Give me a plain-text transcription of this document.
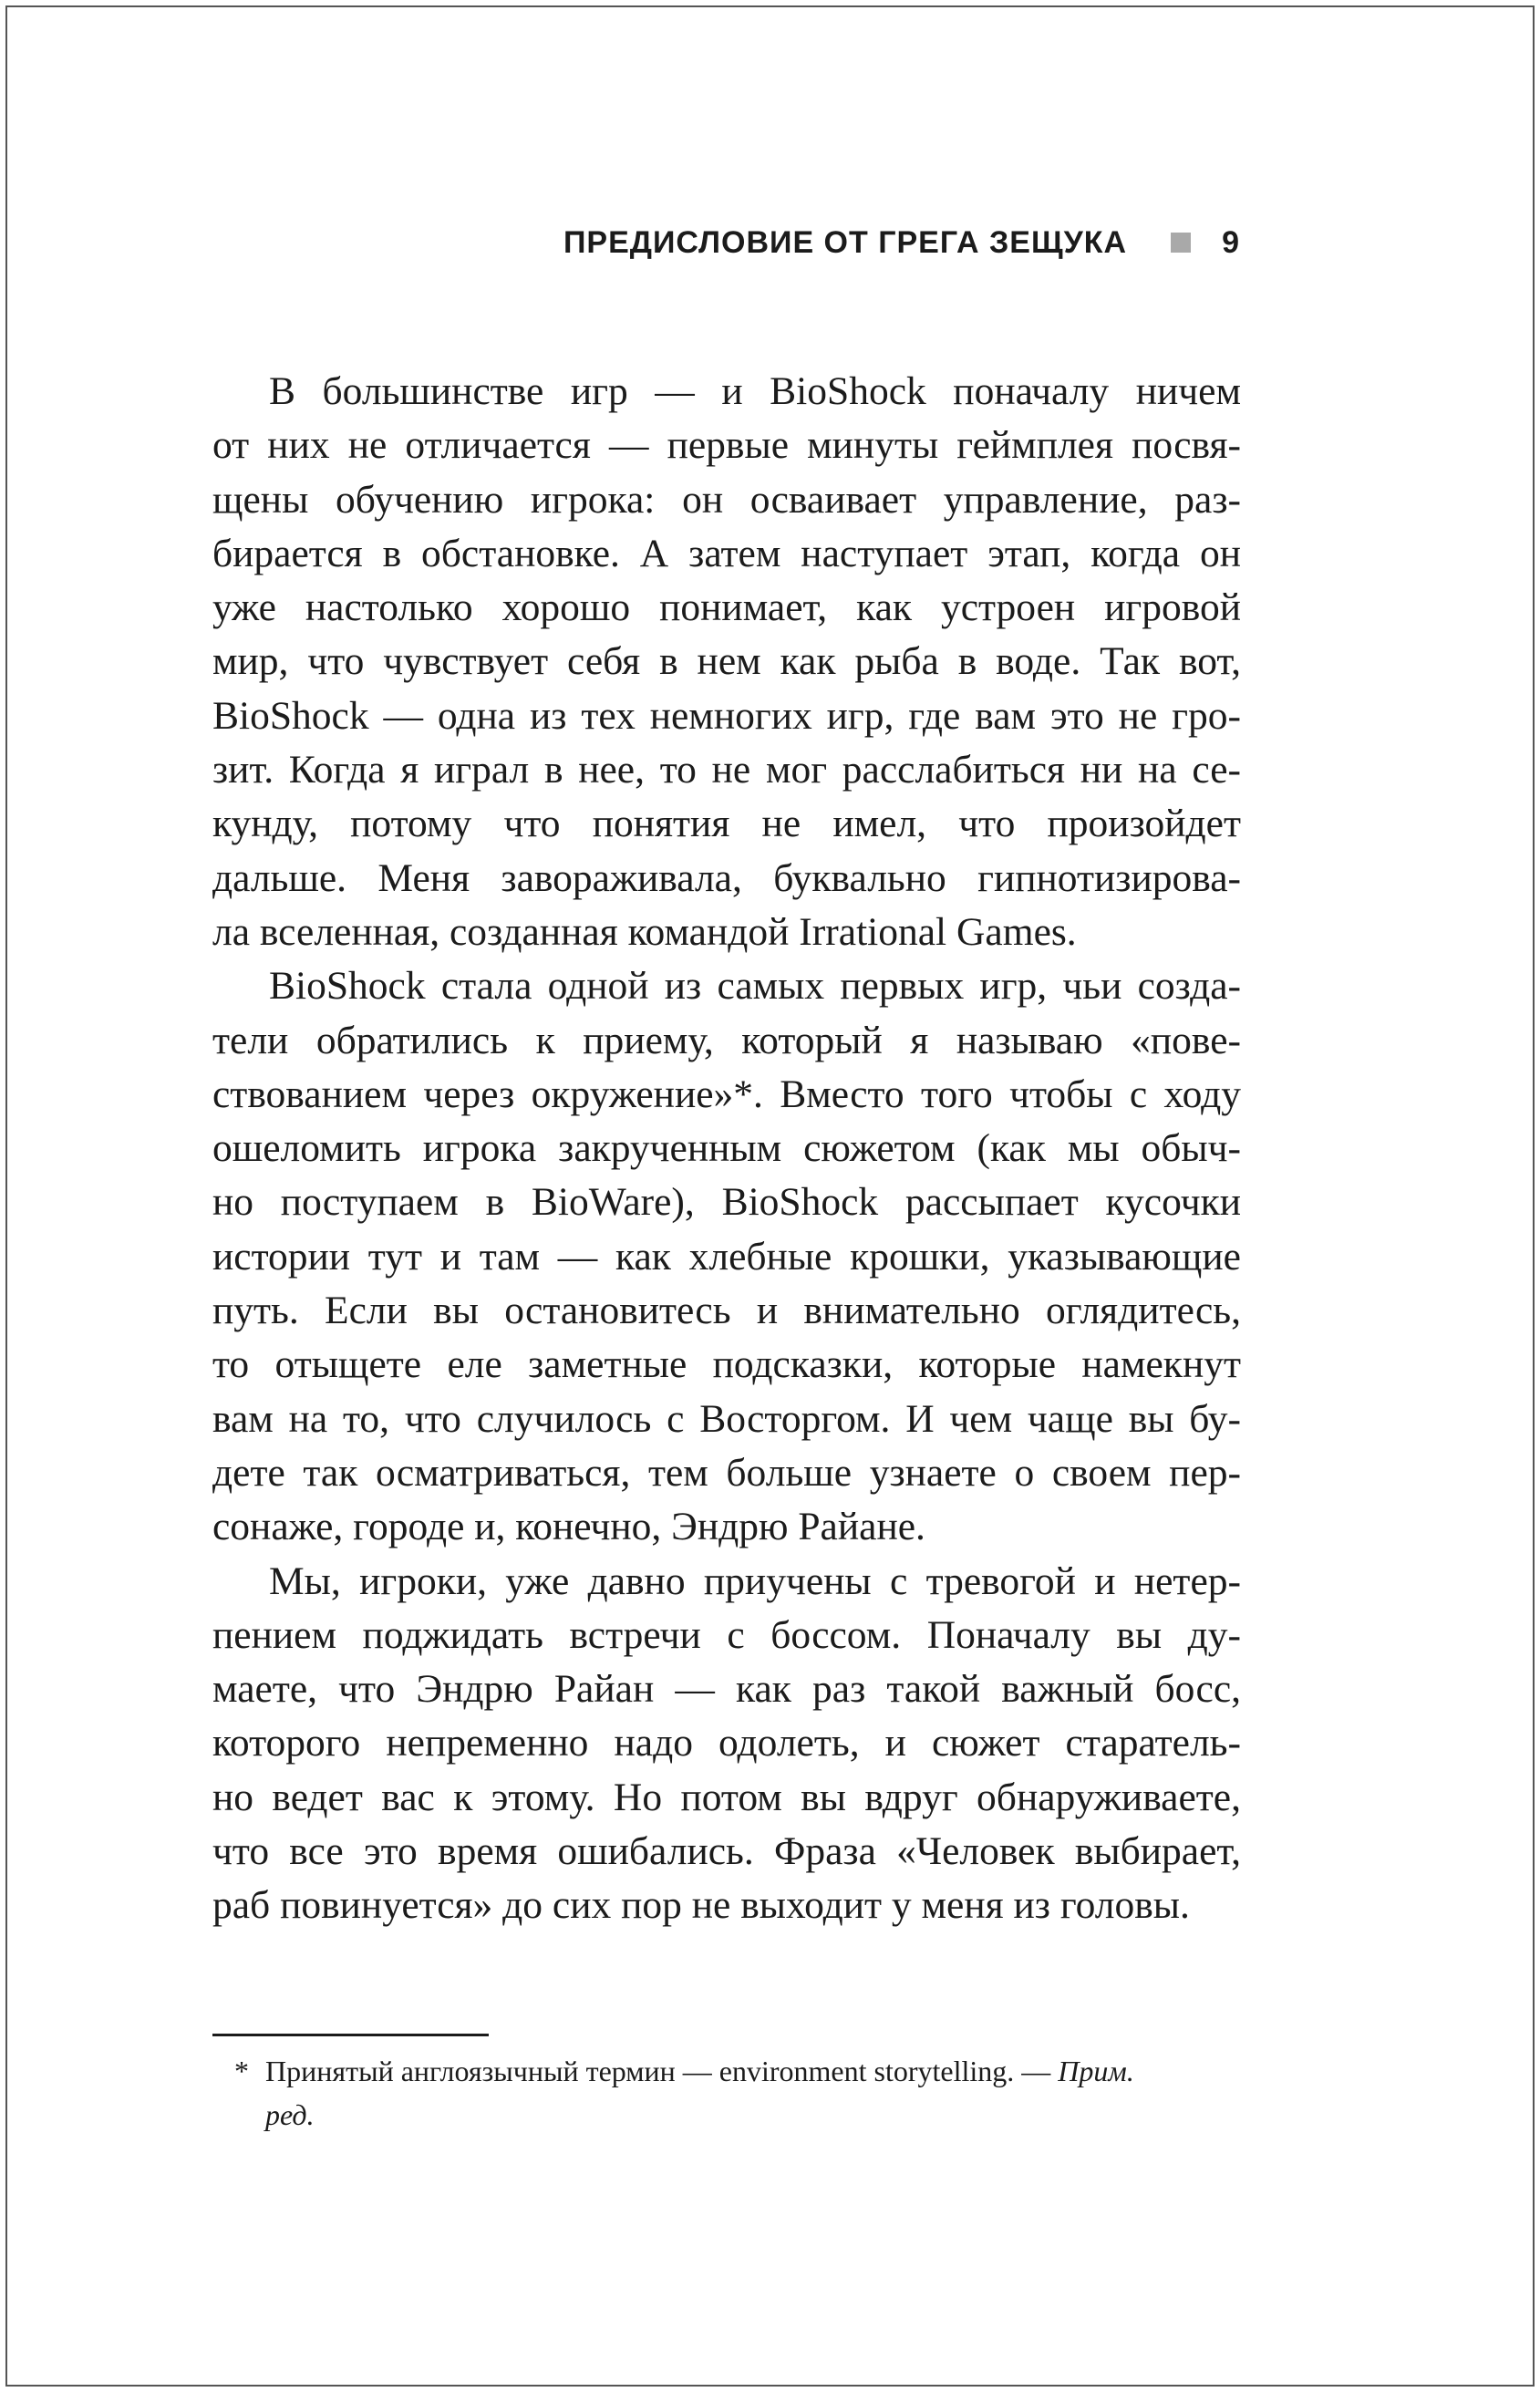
ПРЕДИСЛОВИЕ ОТ ГРЕГА ЗЕЩУКА	9
В большинстве игр — и BioShock поначалу ничем
от них не отличается — первые минуты геймплея посвя-
щены обучению игрока: он осваивает управление, раз-
бирается в обстановке. А затем наступает этап, когда он
уже настолько хорошо понимает, как устроен игровой
мир, что чувствует себя в нем как рыба в воде. Так вот,
BioShock — одна из тех немногих игр, где вам это не гро-
зит. Когда я играл в нее, то не мог расслабиться ни на се-
кунду, потому что понятия не имел, что произойдет
дальше. Меня завораживала, буквально гипнотизирова-
ла вселенная, созданная командой Irrational Games.
BioShock стала одной из самых первых игр, чьи созда-
тели обратились к приему, который я называю «пове-
ствованием через окружение»*. Вместо того чтобы с ходу
ошеломить игрока закрученным сюжетом (как мы обыч-
но поступаем в BioWare), BioShock рассыпает кусочки
истории тут и там — как хлебные крошки, указывающие
путь. Если вы остановитесь и внимательно оглядитесь,
то отыщете еле заметные подсказки, которые намекнут
вам на то, что случилось с Восторгом. И чем чаще вы бу-
дете так осматриваться, тем больше узнаете о своем пер-
сонаже, городе и, конечно, Эндрю Райане.
Мы, игроки, уже давно приучены с тревогой и нетер-
пением поджидать встречи с боссом. Поначалу вы ду-
маете, что Эндрю Райан — как раз такой важный босс,
которого непременно надо одолеть, и сюжет старатель-
но ведет вас к этому. Но потом вы вдруг обнаруживаете,
что все это время ошибались. Фраза «Человек выбирает,
раб повинуется» до сих пор не выходит у меня из головы.
* Принятый англоязычный термин — environment storytelling. — Прим.
ред.
